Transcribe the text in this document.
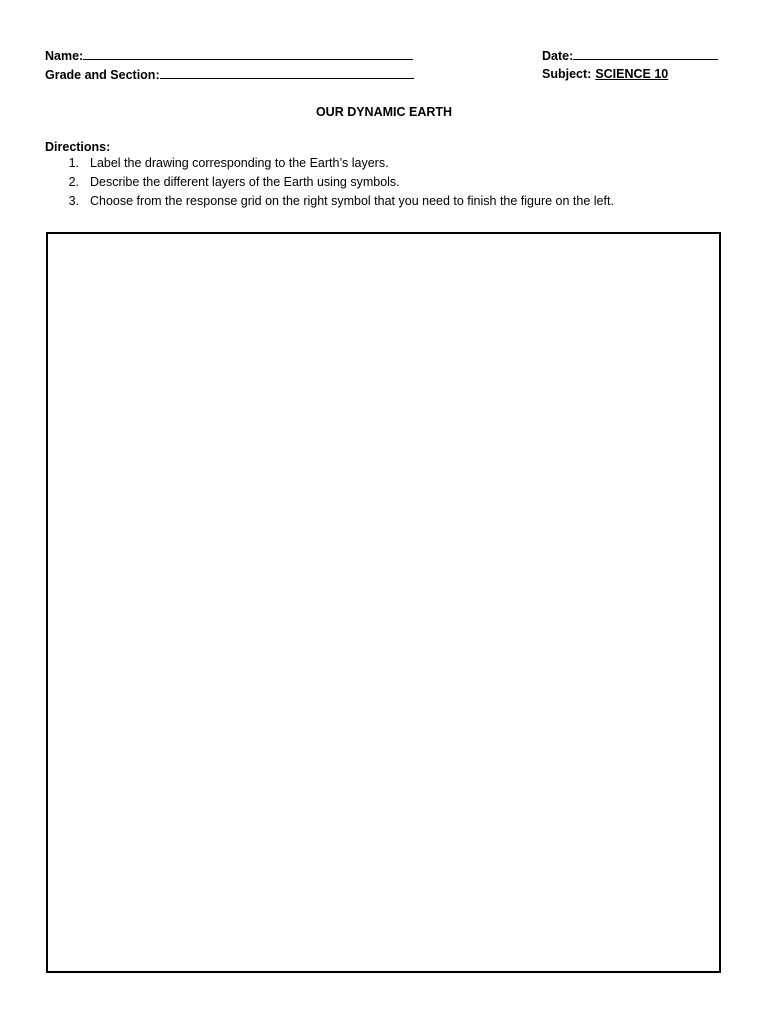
Name:
Grade and Section:
Date:
Subject: SCIENCE 10
OUR DYNAMIC EARTH
Directions:
1. Label the drawing corresponding to the Earth’s layers.
2. Describe the different layers of the Earth using symbols.
3. Choose from the response grid on the right symbol that you need to finish the figure on the left.
